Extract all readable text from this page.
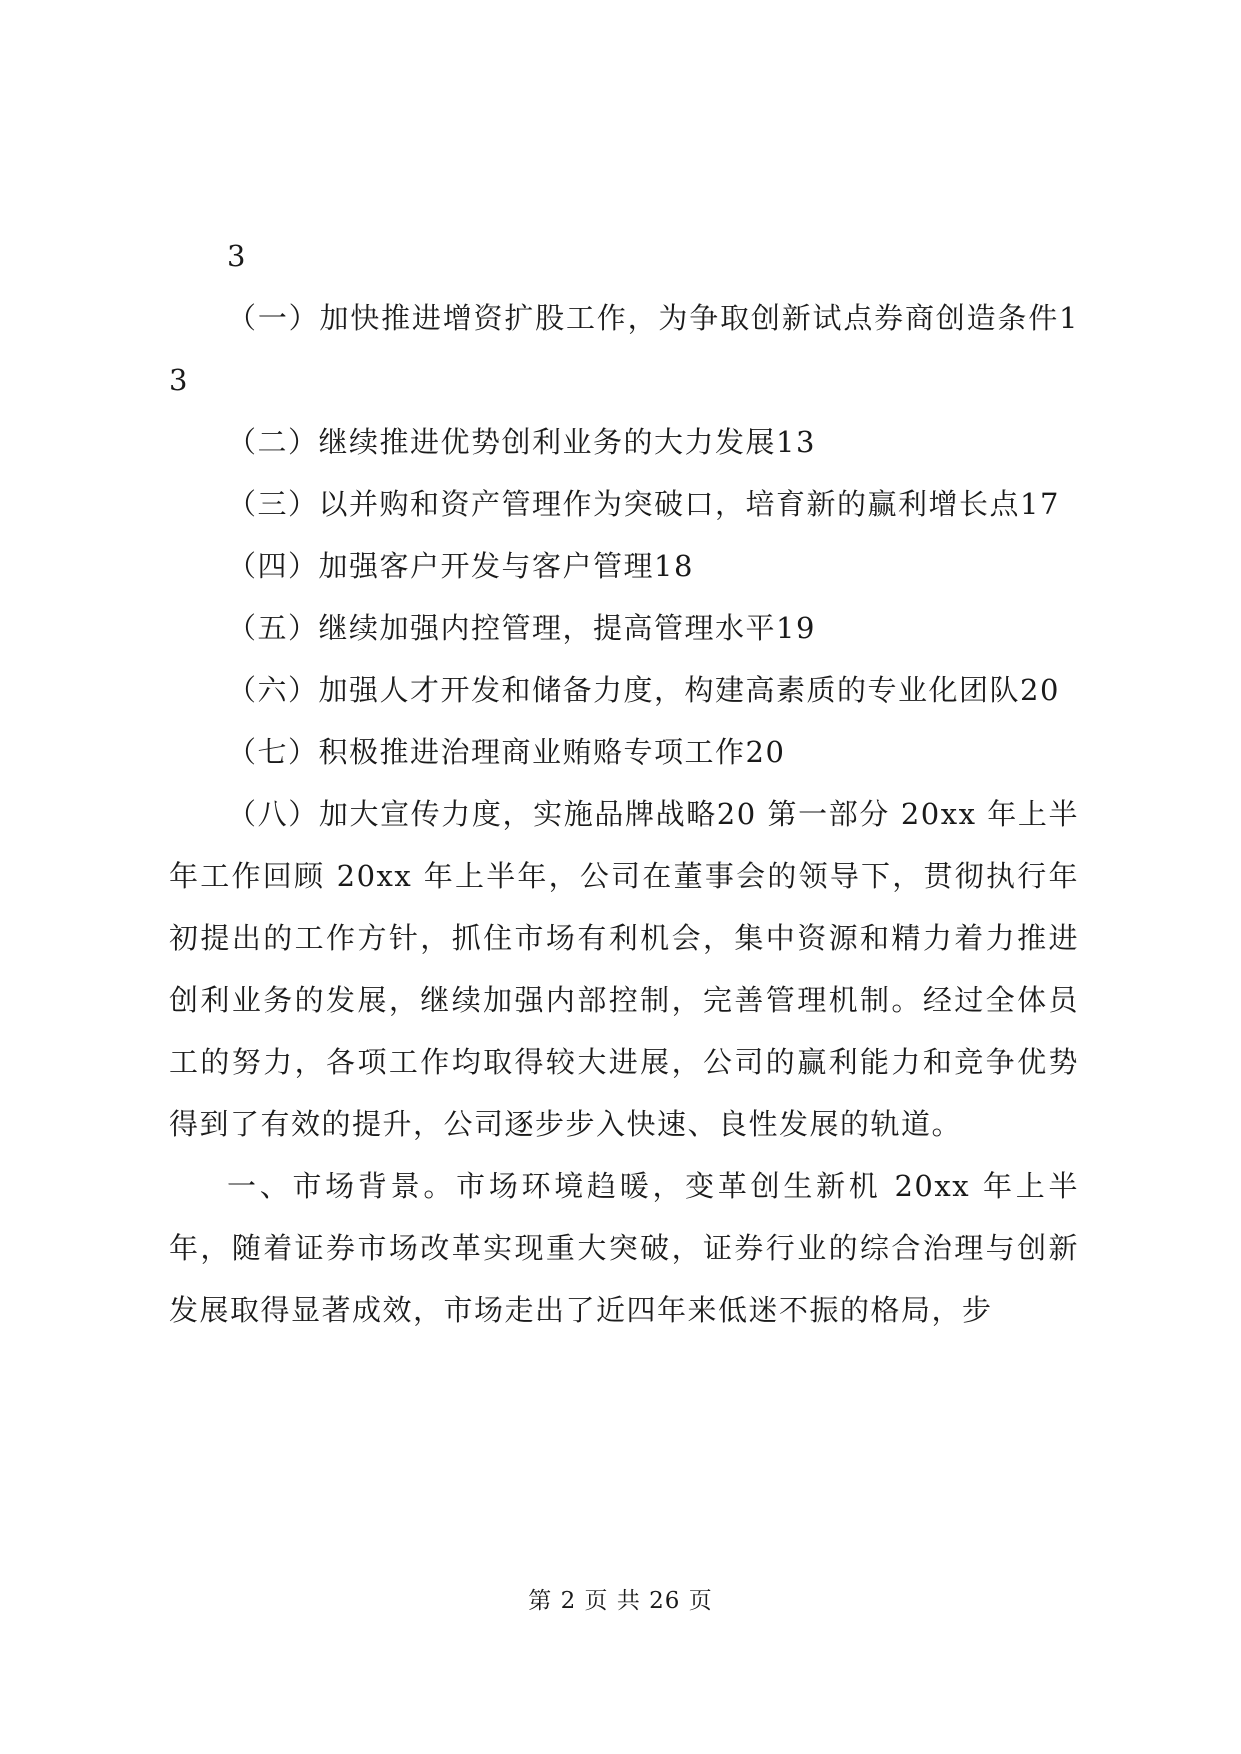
3

（一）加快推进增资扩股工作，为争取创新试点券商创造条件13

（二）继续推进优势创利业务的大力发展13

（三）以并购和资产管理作为突破口，培育新的赢利增长点17

（四）加强客户开发与客户管理18

（五）继续加强内控管理，提高管理水平19

（六）加强人才开发和储备力度，构建高素质的专业化团队20

（七）积极推进治理商业贿赂专项工作20

（八）加大宣传力度，实施品牌战略20 第一部分 20xx 年上半年工作回顾 20xx 年上半年，公司在董事会的领导下，贯彻执行年初提出的工作方针，抓住市场有利机会，集中资源和精力着力推进创利业务的发展，继续加强内部控制，完善管理机制。经过全体员工的努力，各项工作均取得较大进展，公司的赢利能力和竞争优势得到了有效的提升，公司逐步步入快速、良性发展的轨道。

一、市场背景。市场环境趋暖，变革创生新机 20xx 年上半年，随着证券市场改革实现重大突破，证券行业的综合治理与创新发展取得显著成效，市场走出了近四年来低迷不振的格局，步

第 2 页 共 26 页
